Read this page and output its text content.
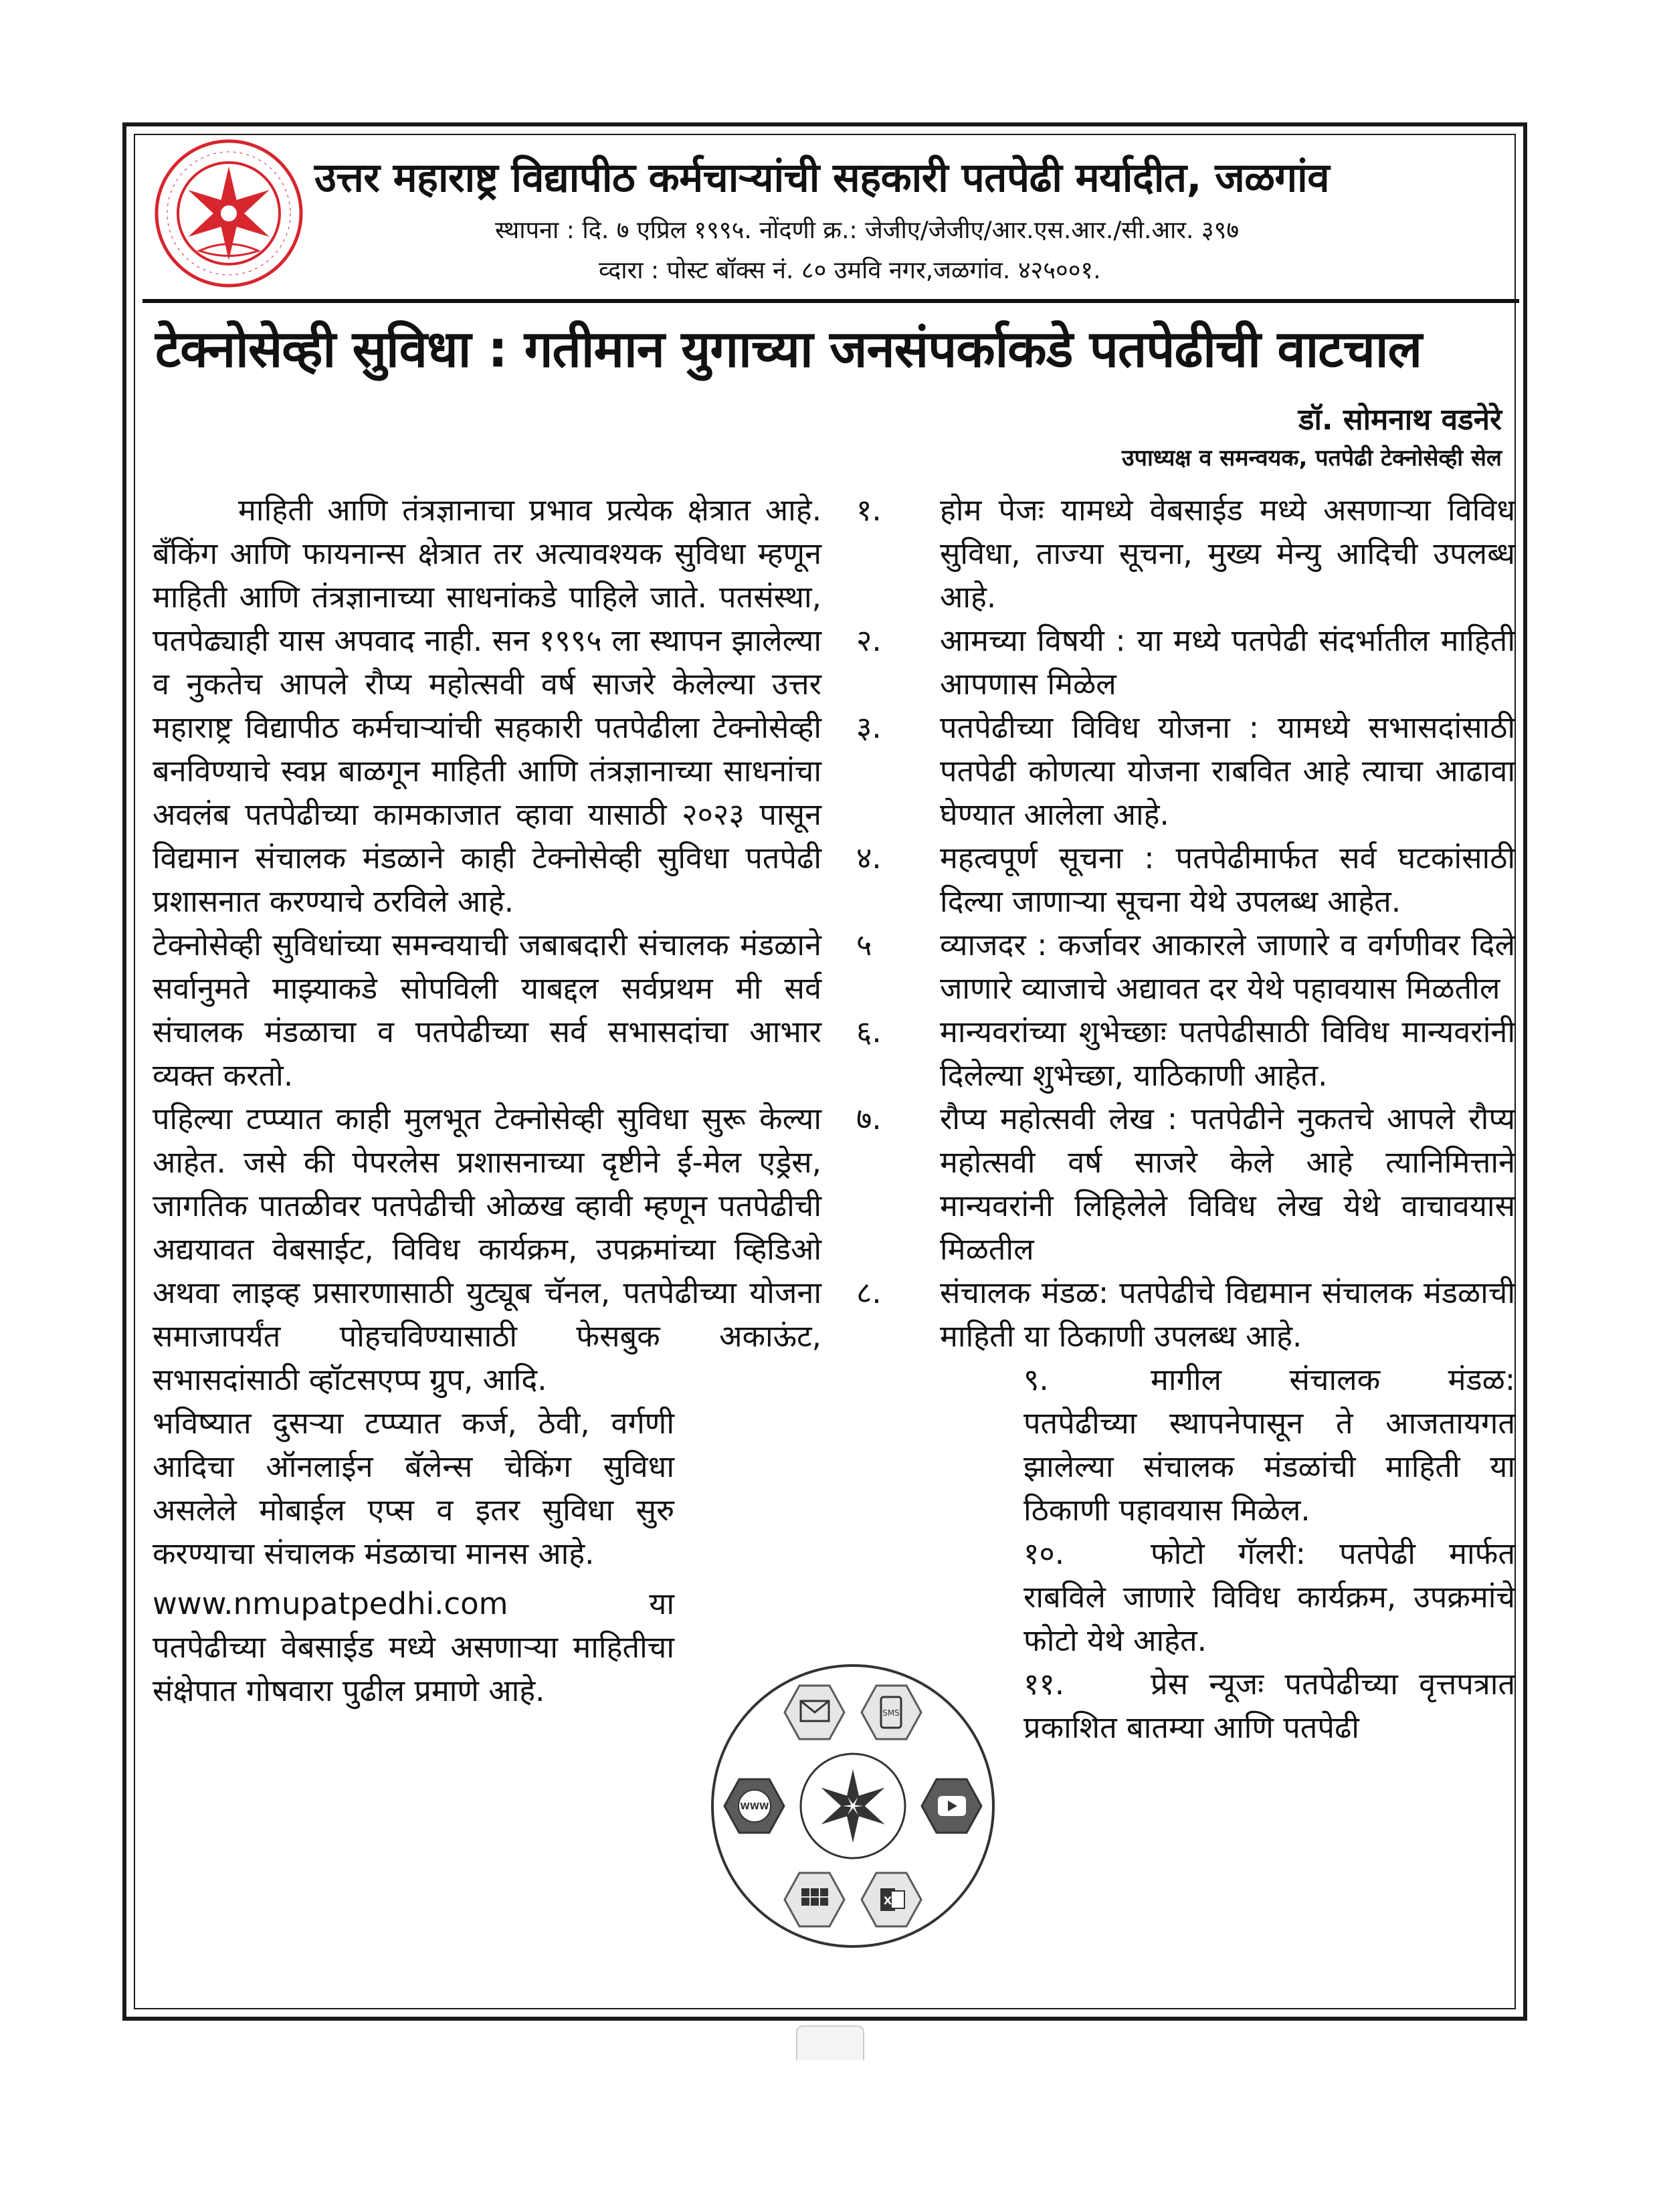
उत्तर महाराष्ट्र विद्यापीठ कर्मचाऱ्यांची सहकारी पतपेढी मर्यादीत, जळगांव
स्थापना : दि. ७ एप्रिल १९९५. नोंदणी क्र.: जेजीए/जेजीए/आर.एस.आर./सी.आर. ३९७
व्दारा : पोस्ट बॉक्स नं. ८० उमवि नगर,जळगांव. ४२५००१.
टेक्नोसेव्ही सुविधा : गतीमान युगाच्या जनसंपर्काकडे पतपेढीची वाटचाल
डॉ. सोमनाथ वडनेरे
उपाध्यक्ष व समन्वयक, पतपेढी टेक्नोसेव्ही सेल

माहिती आणि तंत्रज्ञानाचा प्रभाव प्रत्येक क्षेत्रात आहे. बँकिंग आणि फायनान्स क्षेत्रात तर अत्यावश्यक सुविधा म्हणून माहिती आणि तंत्रज्ञानाच्या साधनांकडे पाहिले जाते. पतसंस्था, पतपेढ्याही यास अपवाद नाही. सन १९९५ ला स्थापन झालेल्या व नुकतेच आपले रौप्य महोत्सवी वर्ष साजरे केलेल्या उत्तर महाराष्ट्र विद्यापीठ कर्मचाऱ्यांची सहकारी पतपेढीला टेक्नोसेव्ही बनविण्याचे स्वप्न बाळगून माहिती आणि तंत्रज्ञानाच्या साधनांचा अवलंब पतपेढीच्या कामकाजात व्हावा यासाठी २०२३ पासून विद्यमान संचालक मंडळाने काही टेक्नोसेव्ही सुविधा पतपेढी प्रशासनात करण्याचे ठरविले आहे.

टेक्नोसेव्ही सुविधांच्या समन्वयाची जबाबदारी संचालक मंडळाने सर्वानुमते माझ्याकडे सोपविली याबद्दल सर्वप्रथम मी सर्व संचालक मंडळाचा व पतपेढीच्या सर्व सभासदांचा आभार व्यक्त करतो.

पहिल्या टप्प्यात काही मुलभूत टेक्नोसेव्ही सुविधा सुरू केल्या आहेत. जसे की पेपरलेस प्रशासनाच्या दृष्टीने ई-मेल एड्रेस, जागतिक पातळीवर पतपेढीची ओळख व्हावी म्हणून पतपेढीची अद्ययावत वेबसाईट, विविध कार्यक्रम, उपक्रमांच्या व्हिडिओ अथवा लाइव्ह प्रसारणासाठी युट्यूब चॅनल, पतपेढीच्या योजना समाजापर्यंत पोहचविण्यासाठी फेसबुक अकाऊंट, सभासदांसाठी व्हॉटसएप्प ग्रुप, आदि.

भविष्यात दुसऱ्या टप्प्यात कर्ज, ठेवी, वर्गणी आदिचा ऑनलाईन बॅलेन्स चेकिंग सुविधा असलेले मोबाईल एप्स व इतर सुविधा सुरु करण्याचा संचालक मंडळाचा मानस आहे.

www.nmupatpedhi.com	या

पतपेढीच्या वेबसाईड मध्ये असणाऱ्या माहितीचा संक्षेपात गोषवारा पुढील प्रमाणे आहे.

१.	होम पेजः यामध्ये वेबसाईड मध्ये असणाऱ्या विविध सुविधा, ताज्या सूचना, मुख्य मेन्यु आदिची उपलब्ध आहे.
२.	आमच्या विषयी : या मध्ये पतपेढी संदर्भातील माहिती आपणास मिळेल
३.	पतपेढीच्या विविध योजना : यामध्ये सभासदांसाठी पतपेढी कोणत्या योजना राबवित आहे त्याचा आढावा घेण्यात आलेला आहे.
४.	महत्वपूर्ण सूचना : पतपेढीमार्फत सर्व घटकांसाठी दिल्या जाणाऱ्या सूचना येथे उपलब्ध आहेत.
५	व्याजदर : कर्जावर आकारले जाणारे व वर्गणीवर दिले जाणारे व्याजाचे अद्यावत दर येथे पहावयास मिळतील
६.	मान्यवरांच्या शुभेच्छाः पतपेढीसाठी विविध मान्यवरांनी दिलेल्या शुभेच्छा, याठिकाणी आहेत.
७.	रौप्य महोत्सवी लेख : पतपेढीने नुकतचे आपले रौप्य महोत्सवी वर्ष साजरे केले आहे त्यानिमित्ताने मान्यवरांनी लिहिलेले विविध लेख येथे वाचावयास मिळतील
८.	संचालक मंडळ: पतपेढीचे विद्यमान संचालक मंडळाची माहिती या ठिकाणी उपलब्ध आहे.
९.	मागील संचालक मंडळ: पतपेढीच्या स्थापनेपासून ते आजतायगत झालेल्या संचालक मंडळांची माहिती या ठिकाणी पहावयास मिळेल.
१०.	फोटो गॅलरी: पतपेढी मार्फत राबविले जाणारे विविध कार्यक्रम, उपक्रमांचे फोटो येथे आहेत.
११.	प्रेस न्यूजः पतपेढीच्या वृत्तपत्रात प्रकाशित बातम्या आणि पतपेढी
SMS
WWW
X
